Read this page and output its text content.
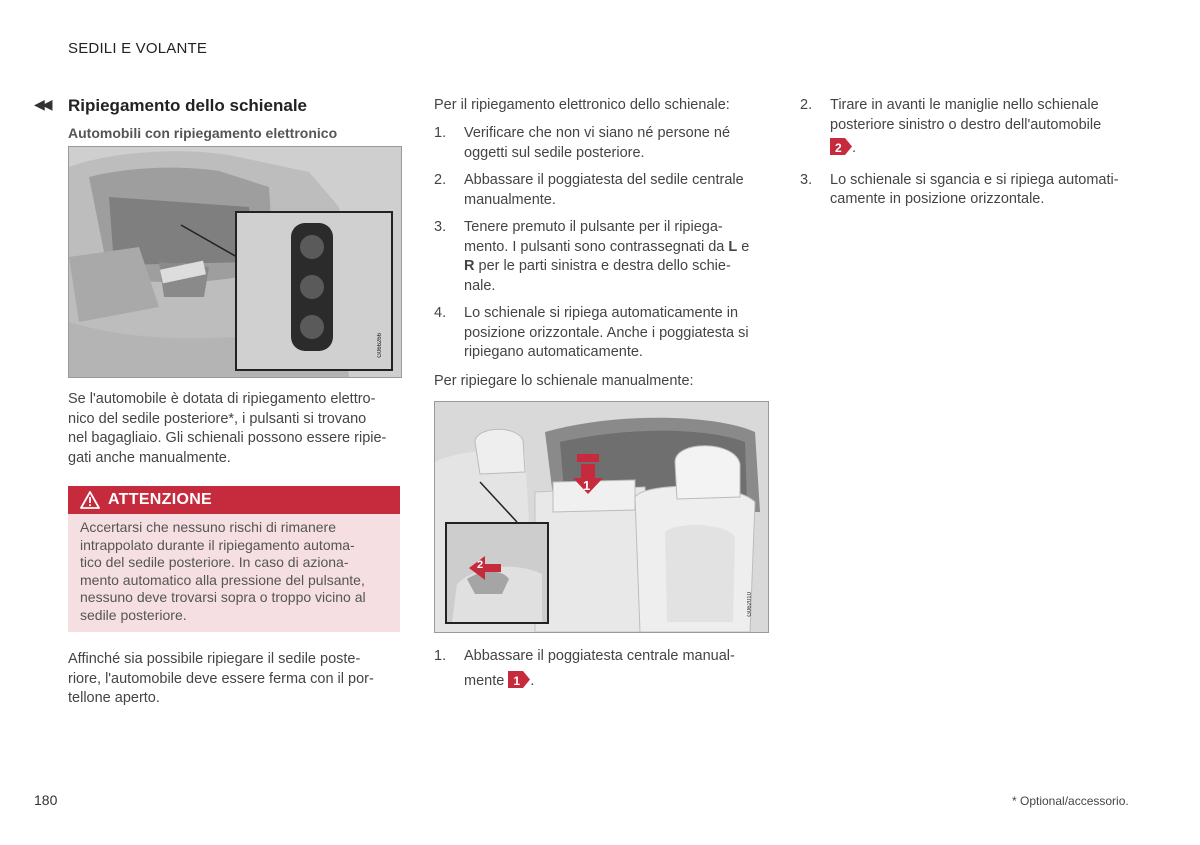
SEDILI E VOLANTE
◀◀ Ripiegamento dello schienale
Automobili con ripiegamento elettronico
G066266
Se l'automobile è dotata di ripiegamento elettro-
nico del sedile posteriore*, i pulsanti si trovano
nel bagagliaio. Gli schienali possono essere ripie-
gati anche manualmente.
ATTENZIONE
Accertarsi che nessuno rischi di rimanere
intrappolato durante il ripiegamento automa-
tico del sedile posteriore. In caso di aziona-
mento automatico alla pressione del pulsante,
nessuno deve trovarsi sopra o troppo vicino al
sedile posteriore.
Affinché sia possibile ripiegare il sedile poste-
riore, l'automobile deve essere ferma con il por-
tellone aperto.
Per il ripiegamento elettronico dello schienale:
1. Verificare che non vi siano né persone né
oggetti sul sedile posteriore.
2. Abbassare il poggiatesta del sedile centrale
manualmente.
3. Tenere premuto il pulsante per il ripiega-
mento. I pulsanti sono contrassegnati da L e
R per le parti sinistra e destra dello schie-
nale.
4. Lo schienale si ripiega automaticamente in
posizione orizzontale. Anche i poggiatesta si
ripiegano automaticamente.
Per ripiegare lo schienale manualmente:
1
2
G062010
1. Abbassare il poggiatesta centrale manual-
mente 1 .
2. Tirare in avanti le maniglie nello schienale
posteriore sinistro o destro dell'automobile
2 .
3. Lo schienale si sgancia e si ripiega automati-
camente in posizione orizzontale.
180	* Optional/accessorio.
